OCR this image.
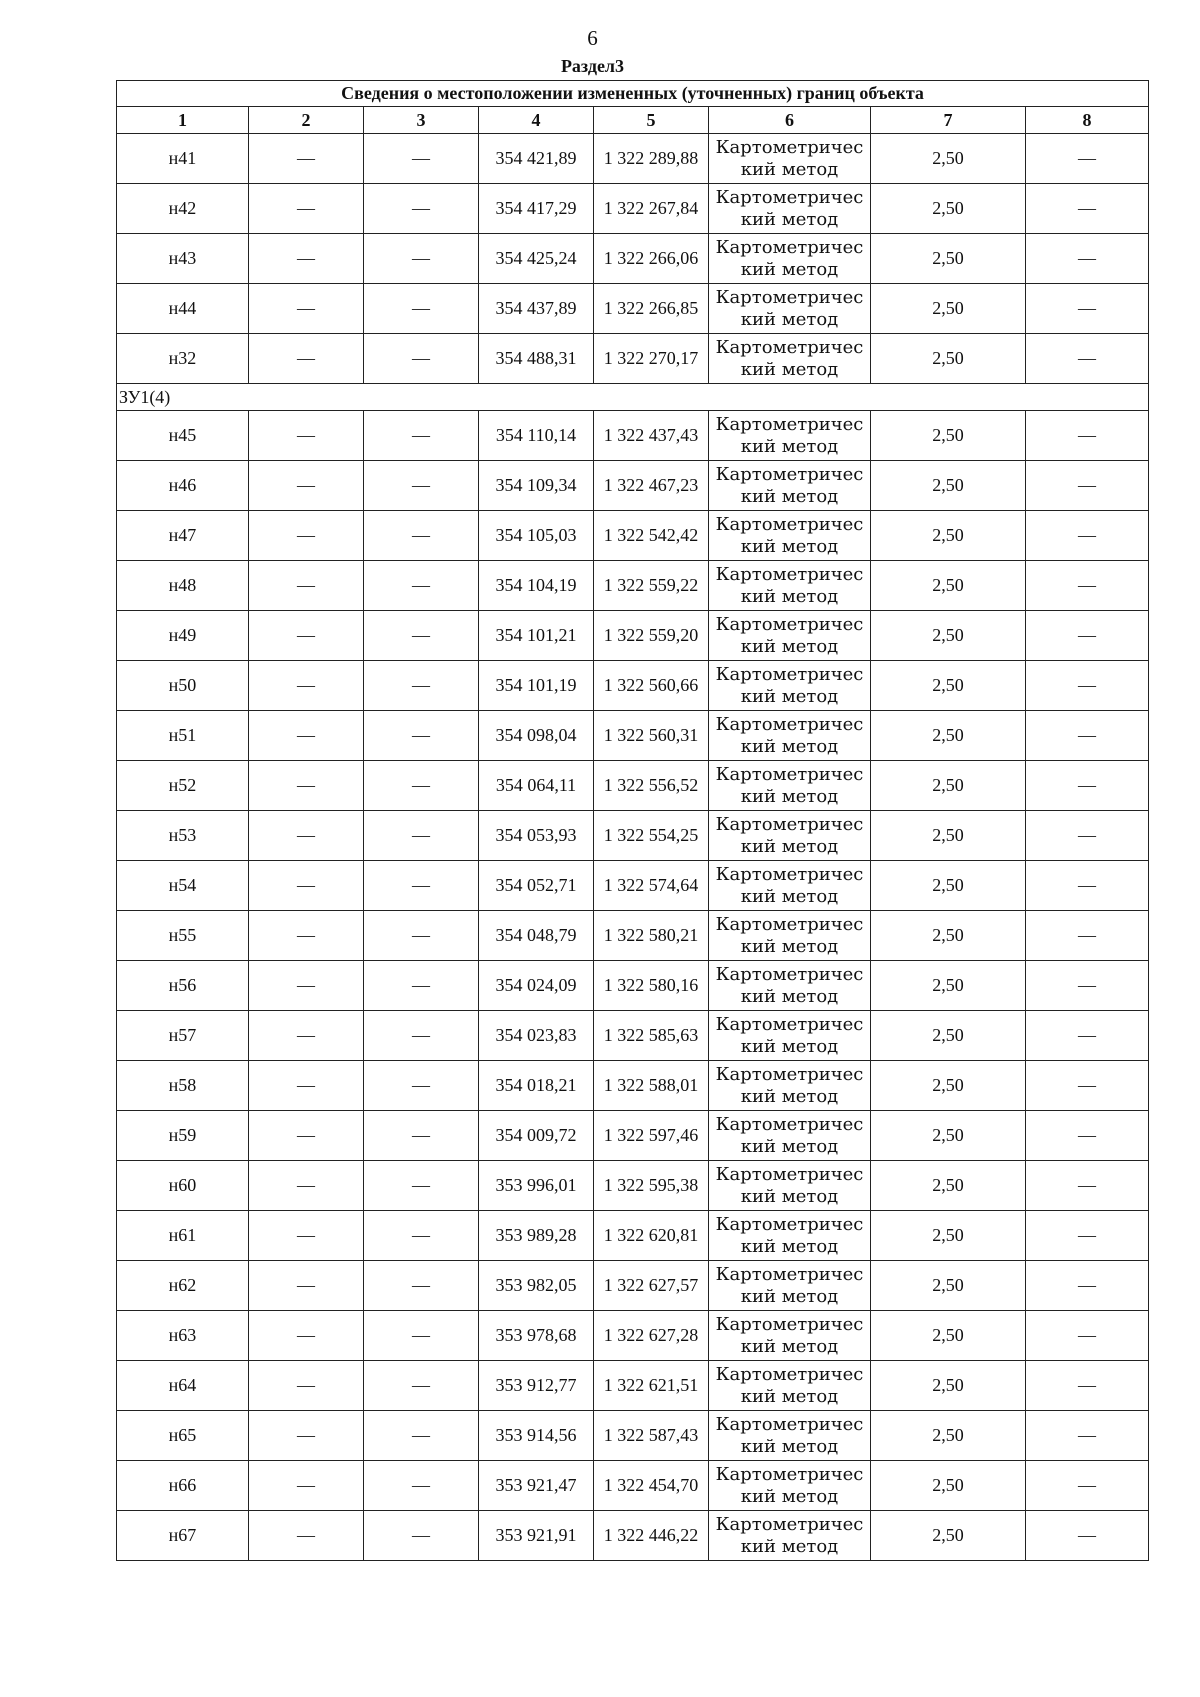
6
Раздел3
Сведения о местоположении измененных (уточненных) границ объекта							
1	2	3	4	5	6	7	8
н41	—	—	354 421,89	1 322 289,88	Картометрический метод	2,50	—
н42	—	—	354 417,29	1 322 267,84	Картометрический метод	2,50	—
н43	—	—	354 425,24	1 322 266,06	Картометрический метод	2,50	—
н44	—	—	354 437,89	1 322 266,85	Картометрический метод	2,50	—
н32	—	—	354 488,31	1 322 270,17	Картометрический метод	2,50	—
ЗУ1(4)							
н45	—	—	354 110,14	1 322 437,43	Картометрический метод	2,50	—
н46	—	—	354 109,34	1 322 467,23	Картометрический метод	2,50	—
н47	—	—	354 105,03	1 322 542,42	Картометрический метод	2,50	—
н48	—	—	354 104,19	1 322 559,22	Картометрический метод	2,50	—
н49	—	—	354 101,21	1 322 559,20	Картометрический метод	2,50	—
н50	—	—	354 101,19	1 322 560,66	Картометрический метод	2,50	—
н51	—	—	354 098,04	1 322 560,31	Картометрический метод	2,50	—
н52	—	—	354 064,11	1 322 556,52	Картометрический метод	2,50	—
н53	—	—	354 053,93	1 322 554,25	Картометрический метод	2,50	—
н54	—	—	354 052,71	1 322 574,64	Картометрический метод	2,50	—
н55	—	—	354 048,79	1 322 580,21	Картометрический метод	2,50	—
н56	—	—	354 024,09	1 322 580,16	Картометрический метод	2,50	—
н57	—	—	354 023,83	1 322 585,63	Картометрический метод	2,50	—
н58	—	—	354 018,21	1 322 588,01	Картометрический метод	2,50	—
н59	—	—	354 009,72	1 322 597,46	Картометрический метод	2,50	—
н60	—	—	353 996,01	1 322 595,38	Картометрический метод	2,50	—
н61	—	—	353 989,28	1 322 620,81	Картометрический метод	2,50	—
н62	—	—	353 982,05	1 322 627,57	Картометрический метод	2,50	—
н63	—	—	353 978,68	1 322 627,28	Картометрический метод	2,50	—
н64	—	—	353 912,77	1 322 621,51	Картометрический метод	2,50	—
н65	—	—	353 914,56	1 322 587,43	Картометрический метод	2,50	—
н66	—	—	353 921,47	1 322 454,70	Картометрический метод	2,50	—
н67	—	—	353 921,91	1 322 446,22	Картометрический метод	2,50	—
